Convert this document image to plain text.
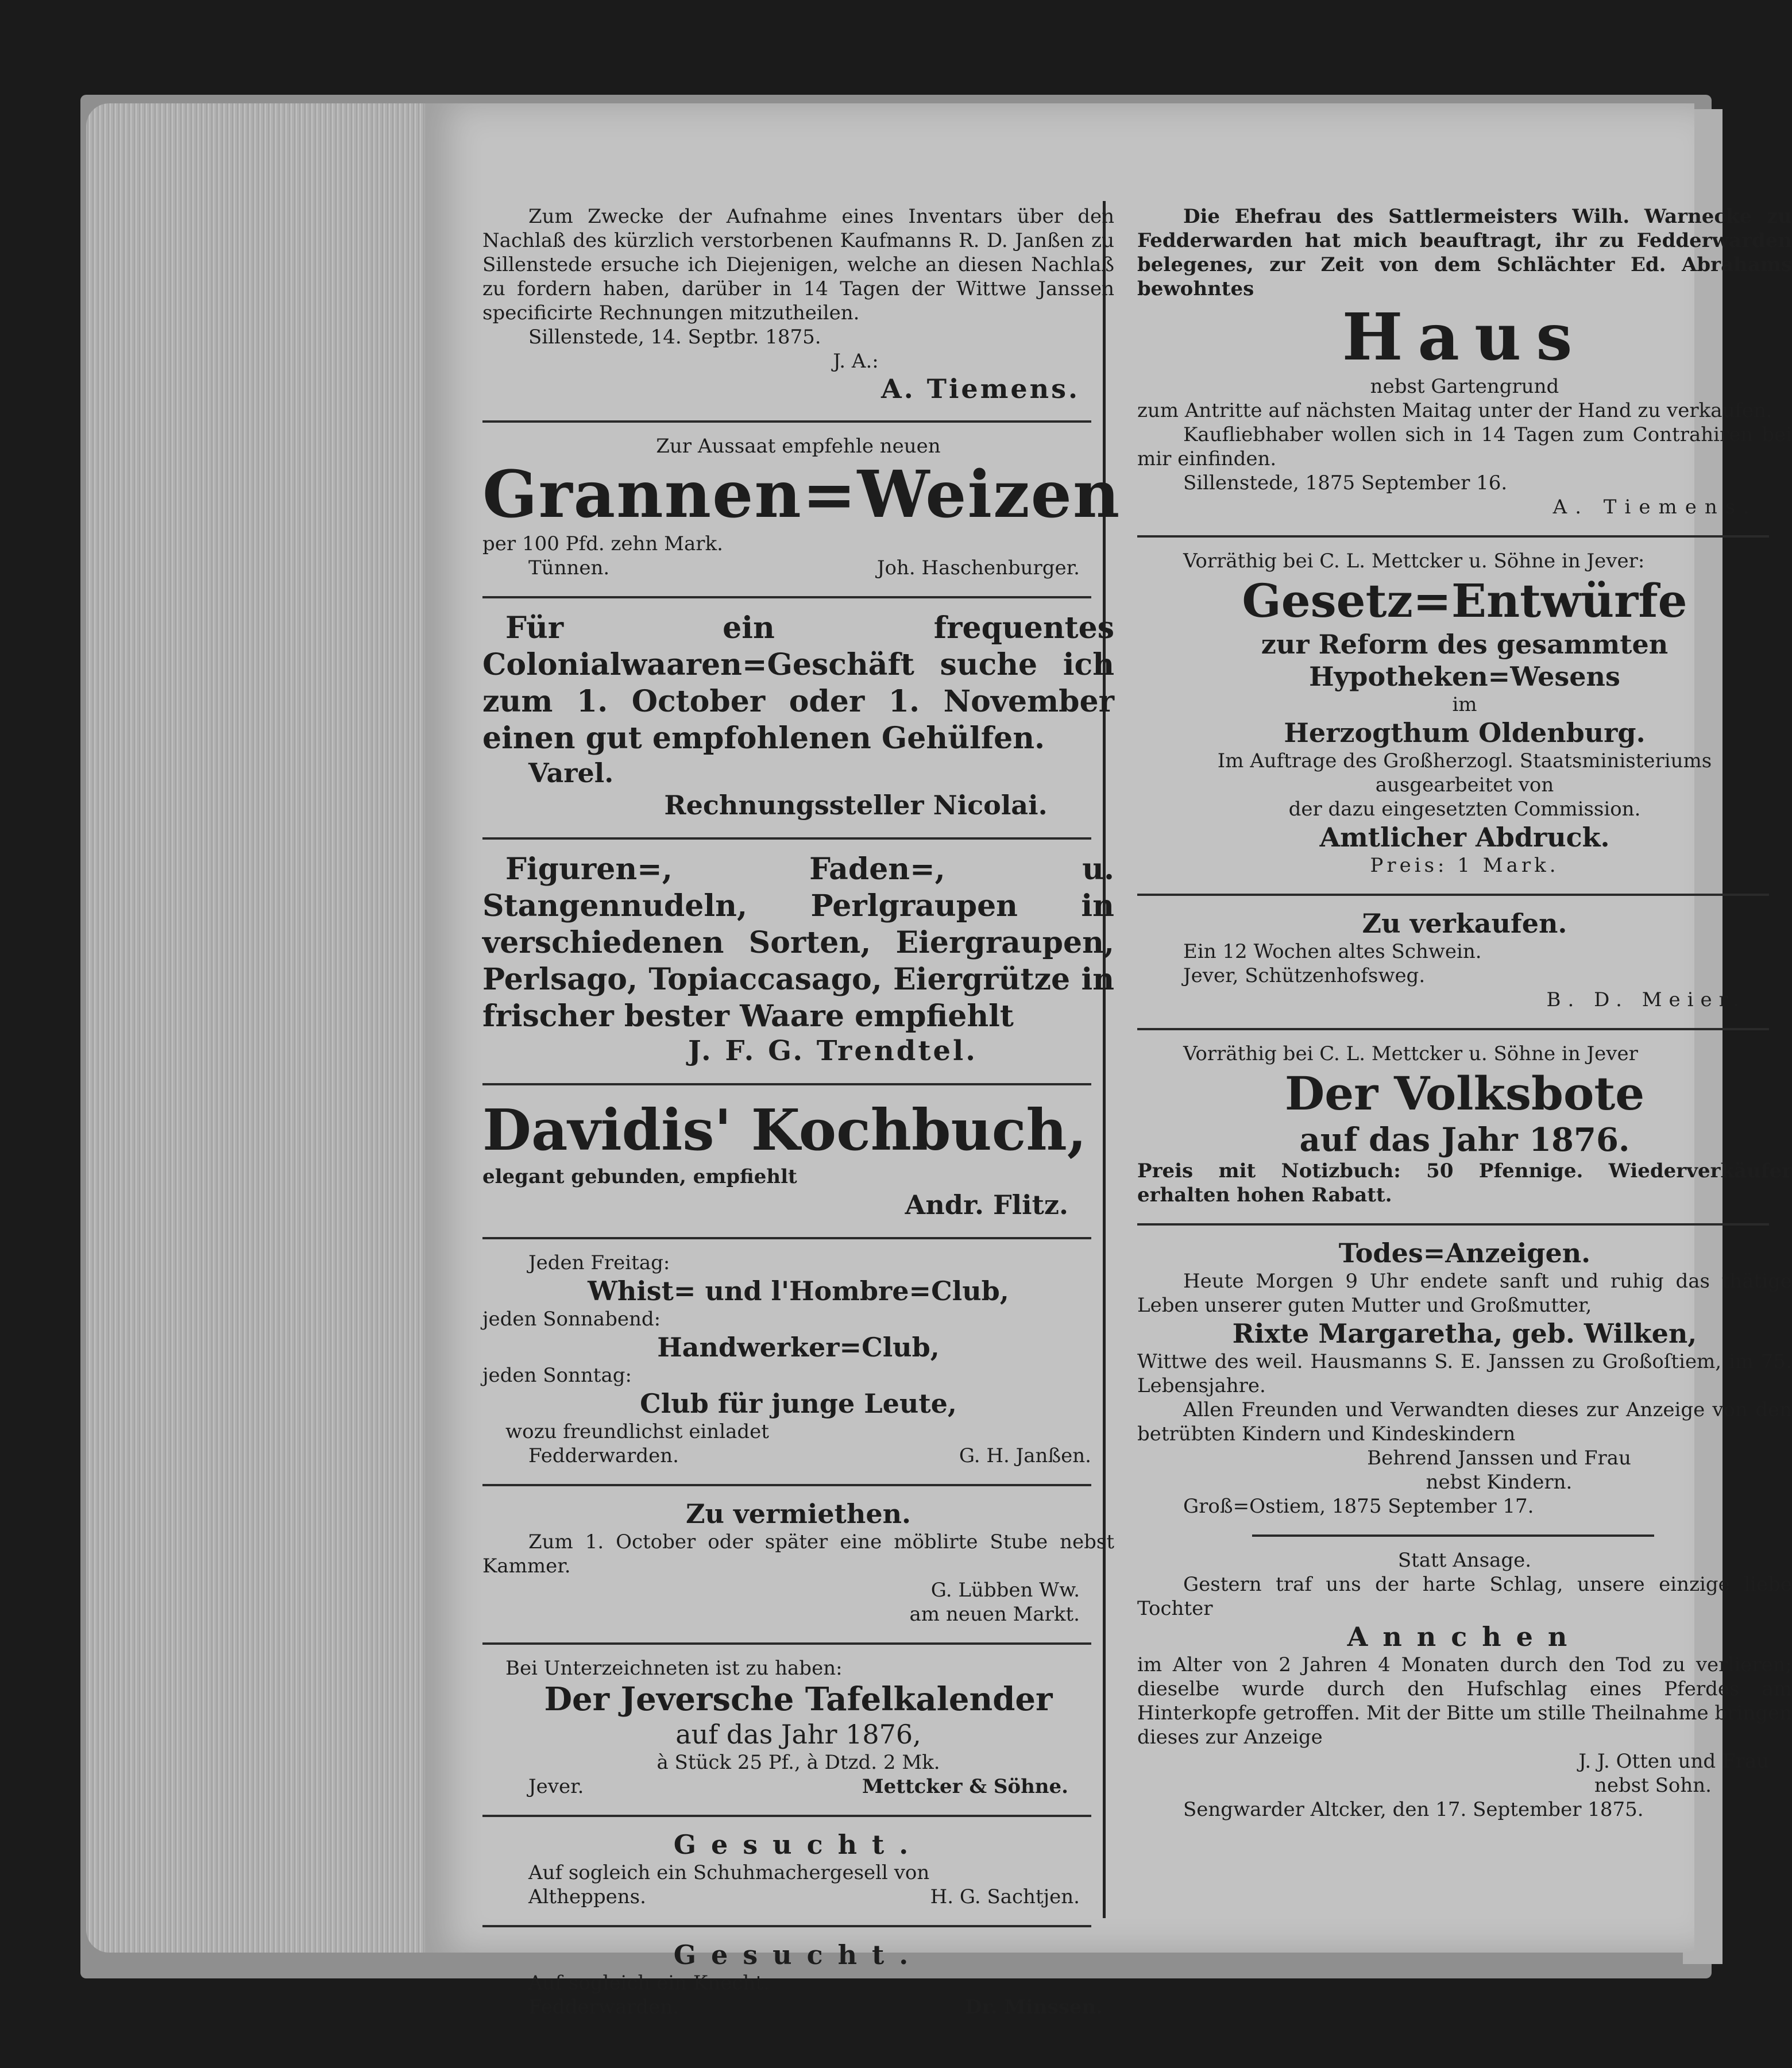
Zum Zwecke der Aufnahme eines Inventars über den Nachlaß des kürzlich verstorbenen Kaufmanns R. D. Janßen zu Sillenstede ersuche ich Diejenigen, welche an diesen Nachlaß zu fordern haben, darüber in 14 Tagen der Wittwe Janssen specificirte Rechnungen mitzutheilen.
Sillenstede, 14. Septbr. 1875.
J. A.:
A. Tiemens.
Zur Aussaat empfehle neuen
Grannen=Weizen
per 100 Pfd. zehn Mark.
Tünnen.	Joh. Haschenburger.
Für ein frequentes Colonialwaaren=Geschäft suche ich zum 1. October oder 1. November einen gut empfohlenen Gehülfen.
Varel.
Rechnungssteller Nicolai.
Figuren=, Faden=, u. Stangennudeln, Perlgraupen in verschiedenen Sorten, Eiergraupen, Perlsago, Topiaccasago, Eiergrütze in frischer bester Waare empfiehlt
J. F. G. Trendtel.
Davidis' Kochbuch,
elegant gebunden, empfiehlt
Andr. Flitz.
Jeden Freitag:
Whist= und l'Hombre=Club,
jeden Sonnabend:
Handwerker=Club,
jeden Sonntag:
Club für junge Leute,
wozu freundlichst einladet
Fedderwarden.	G. H. Janßen.
Zu vermiethen.
Zum 1. October oder später eine möblirte Stube nebst Kammer.
G. Lübben Ww.
am neuen Markt.
Bei Unterzeichneten ist zu haben:
Der Jeversche Tafelkalender
auf das Jahr 1876,
à Stück 25 Pf., à Dtzd. 2 Mk.
Jever.	Mettcker & Söhne.
Gesucht.
Auf sogleich ein Schuhmachergesell von
Altheppens.	H. G. Sachtjen.
Gesucht.
Auf sogleich ein Knecht.
Fedderwarden.	Dr. Minssen.
Die Ehefrau des Sattlermeisters Wilh. Warnecke zu Fedderwarden hat mich beauftragt, ihr zu Fedderwarden belegenes, zur Zeit von dem Schlächter Ed. Abrahams bewohntes
Haus
nebst Gartengrund
zum Antritte auf nächsten Maitag unter der Hand zu verkaufen.
Kaufliebhaber wollen sich in 14 Tagen zum Contrahiren bei mir einfinden.
Sillenstede, 1875 September 16.
A. Tiemens.
Vorräthig bei C. L. Mettcker u. Söhne in Jever:
Gesetz=Entwürfe
zur Reform des gesammten Hypotheken=Wesens
im
Herzogthum Oldenburg.
Im Auftrage des Großherzogl. Staatsministeriums
ausgearbeitet von
der dazu eingesetzten Commission.
Amtlicher Abdruck.
Preis: 1 Mark.
Zu verkaufen.
Ein 12 Wochen altes Schwein.
Jever, Schützenhofsweg.
B. D. Meier.
Vorräthig bei C. L. Mettcker u. Söhne in Jever
Der Volksbote
auf das Jahr 1876.
Preis mit Notizbuch: 50 Pfennige. Wiederverkäufer erhalten hohen Rabatt.
Todes=Anzeigen.
Heute Morgen 9 Uhr endete sanft und ruhig das thätige Leben unserer guten Mutter und Großmutter,
Rixte Margaretha, geb. Wilken,
Wittwe des weil. Hausmanns S. E. Janssen zu Großoſtiem, im 75. Lebensjahre.
Allen Freunden und Verwandten dieses zur Anzeige von den betrübten Kindern und Kindeskindern
Behrend Janssen und Frau
nebst Kindern.
Groß=Ostiem, 1875 September 17.
Statt Ansage.
Gestern traf uns der harte Schlag, unsere einzige liebe Tochter
Annchen
im Alter von 2 Jahren 4 Monaten durch den Tod zu verlieren; dieselbe wurde durch den Hufschlag eines Pferdes am Hinterkopfe getroffen. Mit der Bitte um stille Theilnahme bringen dieses zur Anzeige
J. J. Otten und Frau
nebst Sohn.
Sengwarder Altcker, den 17. September 1875.
